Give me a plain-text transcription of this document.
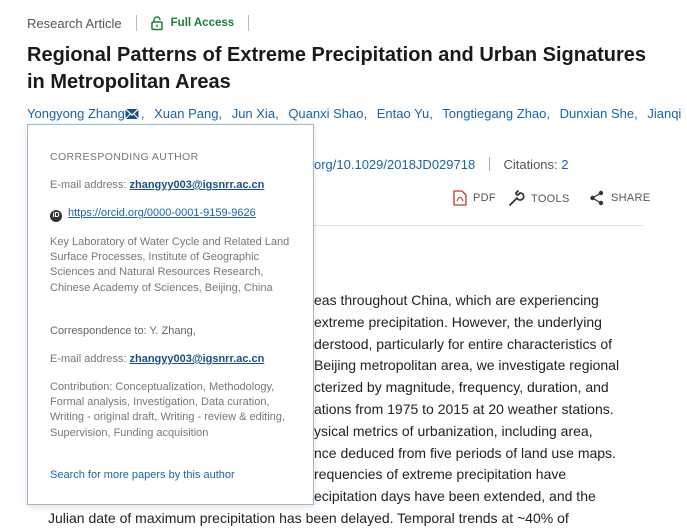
Research Article	Full Access
Regional Patterns of Extreme Precipitation and Urban Signatures in Metropolitan Areas
Yongyong Zhang , Xuan Pang, Jun Xia, Quanxi Shao, Entao Yu, Tongtiegang Zhao, Dunxian She, Jianqi
org/10.1029/2018JD029718 Citations: 2
PDF	TOOLS	SHARE
eas throughout China, which are experiencing
extreme precipitation. However, the underlying
derstood, particularly for entire characteristics of
Beijing metropolitan area, we investigate regional
cterized by magnitude, frequency, duration, and
ations from 1975 to 2015 at 20 weather stations.
ysical metrics of urbanization, including area,
nce deduced from five periods of land use maps.
requencies of extreme precipitation have
ecipitation days have been extended, and the
Julian date of maximum precipitation has been delayed. Temporal trends at ~40% of
CORRESPONDING AUTHOR
E-mail address: zhangyy003@igsnrr.ac.cn
iD https://orcid.org/0000-0001-9159-9626
Key Laboratory of Water Cycle and Related Land Surface Processes, Institute of Geographic Sciences and Natural Resources Research, Chinese Academy of Sciences, Beijing, China
Correspondence to: Y. Zhang,
E-mail address: zhangyy003@igsnrr.ac.cn
Contribution: Conceptualization, Methodology, Formal analysis, Investigation, Data curation, Writing - original draft, Writing - review & editing, Supervision, Funding acquisition
Search for more papers by this author
